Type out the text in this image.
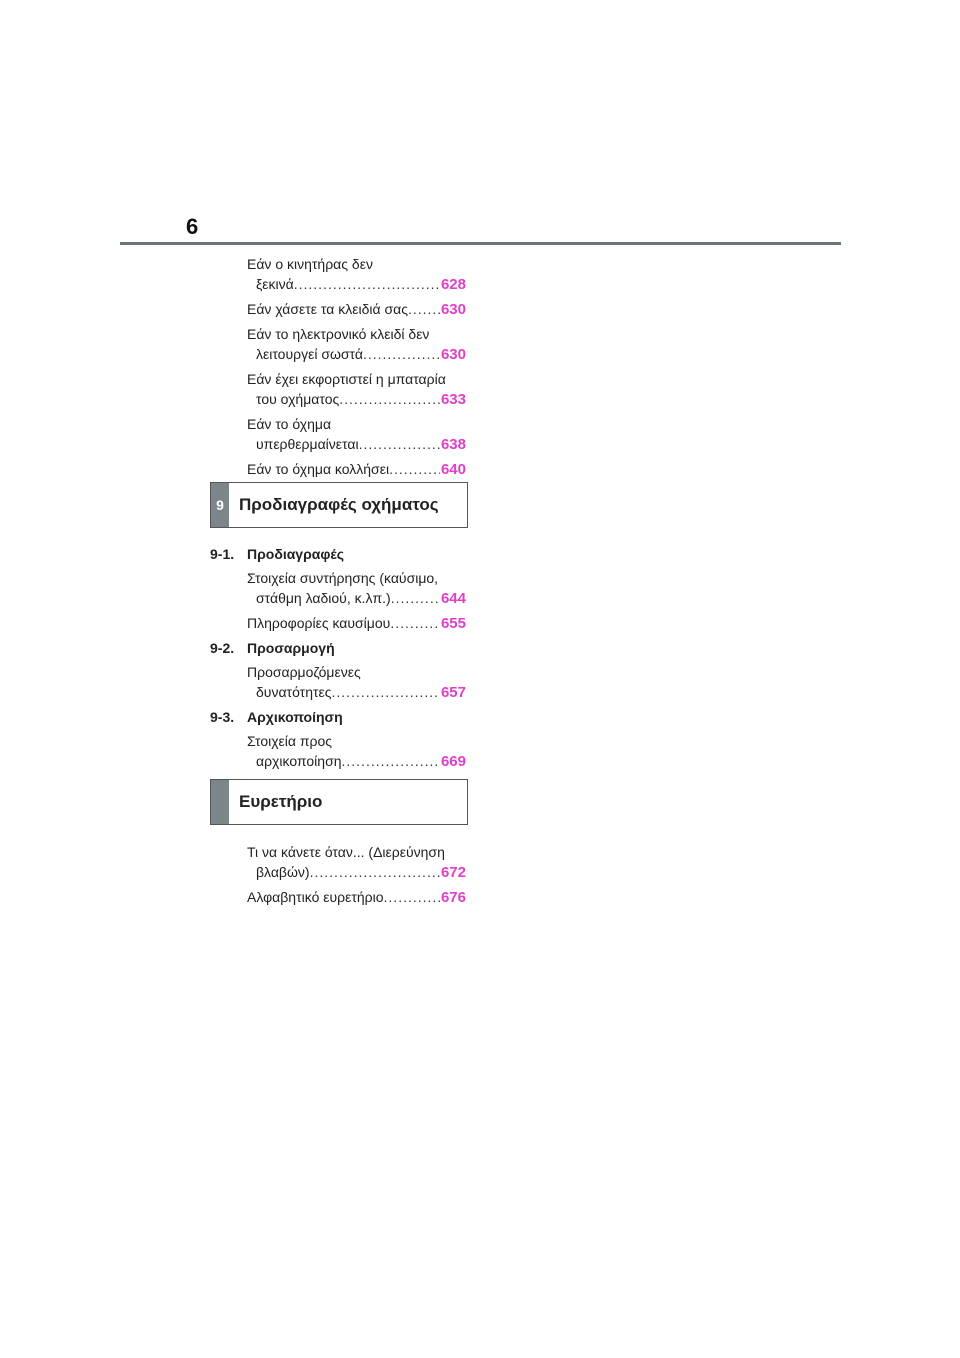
6
Εάν ο κινητήρας δεν
ξεκινά .....	628
Εάν χάσετε τα κλειδιά σας ..... 630
Εάν το ηλεκτρονικό κλειδί δεν
λειτουργεί σωστά .....	630
Εάν έχει εκφορτιστεί η μπαταρία
του οχήματος .....	633
Εάν το όχημα
υπερθερμαίνεται .....	638
Εάν το όχημα κολλήσει .....	640
9 Προδιαγραφές οχήματος
9-1. Προδιαγραφές
Στοιχεία συντήρησης (καύσιμο,
στάθμη λαδιού, κ.λπ.) .....	644
Πληροφορίες καυσίμου .....	655
9-2. Προσαρμογή
Προσαρμοζόμενες
δυνατότητες .....	657
9-3. Αρχικοποίηση
Στοιχεία προς
αρχικοποίηση .....	669
Ευρετήριο
Τι να κάνετε όταν... (Διερεύνηση
βλαβών) .....	672
Αλφαβητικό ευρετήριο .....	676
